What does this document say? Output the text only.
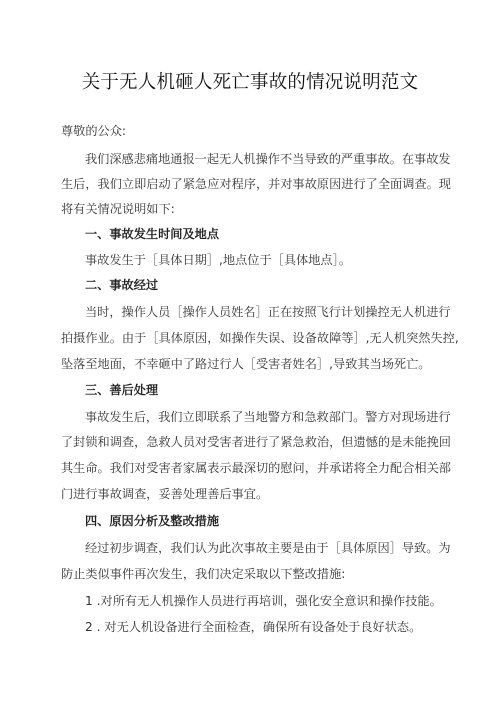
关于无人机砸人死亡事故的情况说明范文

尊敬的公众:

我们深感悲痛地通报一起无人机操作不当导致的严重事故。在事故发

生后，我们立即启动了紧急应对程序，并对事故原因进行了全面调查。现

将有关情况说明如下:

一、事故发生时间及地点

事故发生于［具体日期］,地点位于［具体地点］。

二、事故经过

当时，操作人员［操作人员姓名］正在按照飞行计划操控无人机进行

拍摄作业。由于［具体原因，如操作失误、设备故障等］,无人机突然失控,

坠落至地面，不幸砸中了路过行人［受害者姓名］,导致其当场死亡。

三、善后处理

事故发生后，我们立即联系了当地警方和急救部门。警方对现场进行

了封锁和调查，急救人员对受害者进行了紧急救治，但遗憾的是未能挽回

其生命。我们对受害者家属表示最深切的慰问，并承诺将全力配合相关部

门进行事故调查，妥善处理善后事宜。

四、原因分析及整改措施

经过初步调查，我们认为此次事故主要是由于［具体原因］导致。为

防止类似事件再次发生，我们决定采取以下整改措施:

1 .对所有无人机操作人员进行再培训，强化安全意识和操作技能。

2 . 对无人机设备进行全面检查，确保所有设备处于良好状态。
